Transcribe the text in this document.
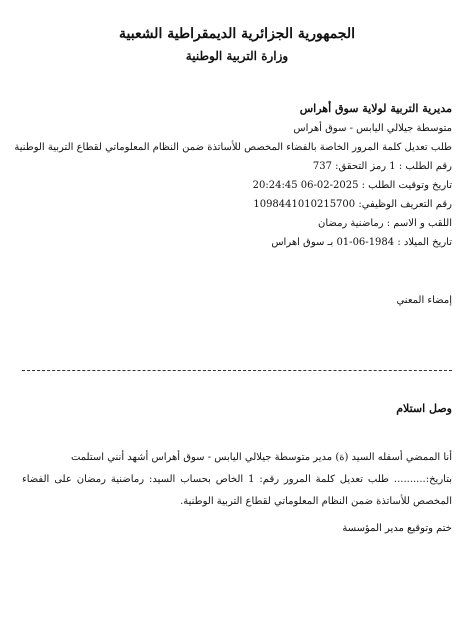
الجمهورية الجزائرية الديمقراطية الشعبية
وزارة التربية الوطنية
مديرية التربية لولاية سوق أهراس
متوسطة جيلالي اليابس - سوق أهراس
طلب تعديل كلمة المرور الخاصة بالفضاء المخصص للأساتذة ضمن النظام المعلوماتي لقطاع التربية الوطنية
رقم الطلب : 1 رمز التحقق: 737
تاريخ وتوقيت الطلب : 2025-02-06 20:24:45
رقم التعريف الوظيفي: 1098441010215700
اللقب و الاسم : رماضنية رمضان
تاريخ الميلاد : 1984-06-01 بـ سوق اهراس
إمضاء المعني
وصل استلام
أنا الممضي أسفله السيد (ة) مدير متوسطة جيلالي اليابس - سوق أهراس أشهد أنني استلمت
بتاريخ:.......... طلب تعديل كلمة المرور رقم: 1 الخاص بحساب السيد: رماضنية رمضان على الفضاء المخصص للأساتذة ضمن النظام المعلوماتي لقطاع التربية الوطنية.
ختم وتوقيع مدير المؤسسة
